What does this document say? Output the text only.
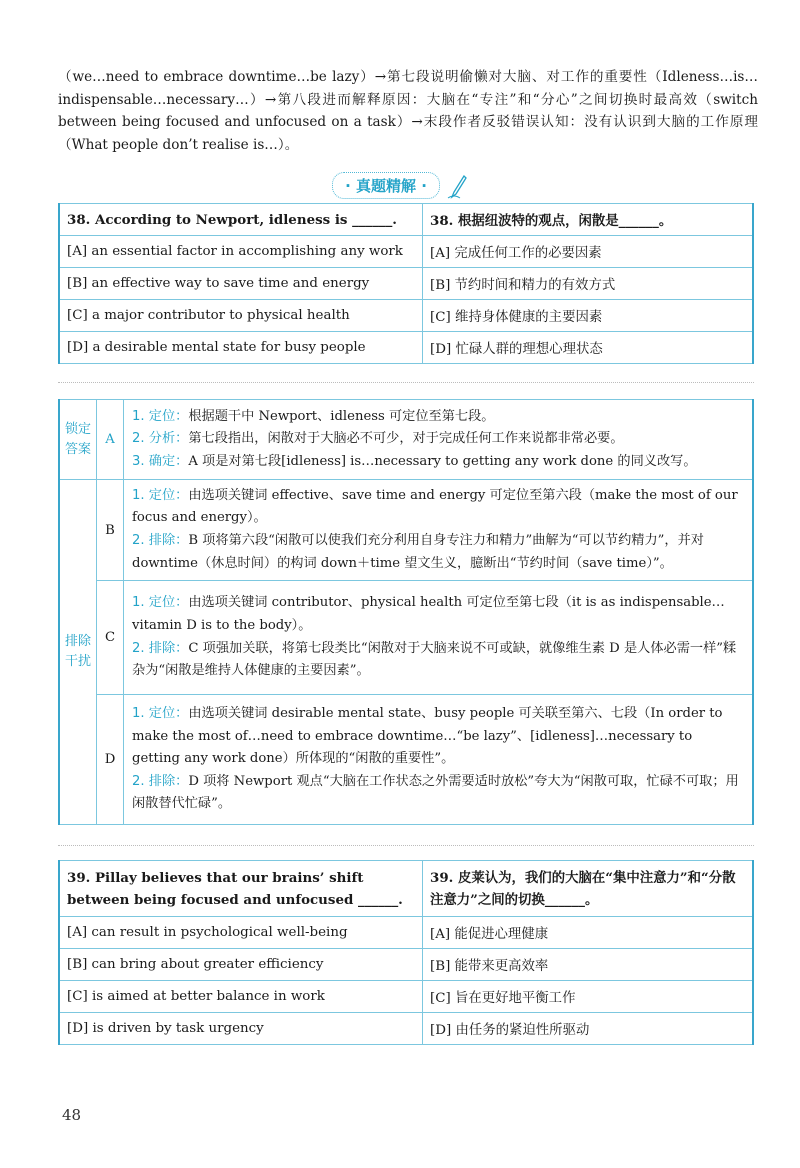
（we…need to embrace downtime…be lazy）→第七段说明偷懒对大脑、对工作的重要性（Idleness…is…indispensable…necessary…）→第八段进而解释原因：大脑在“专注”和“分心”之间切换时最高效（switch between being focused and unfocused on a task）→末段作者反驳错误认知：没有认识到大脑的工作原理（What people don’t realise is…）。
· 真题精解 ·
38. According to Newport, idleness is ______.	38. 根据纽波特的观点，闲散是______。
[A] an essential factor in accomplishing any work	[A] 完成任何工作的必要因素
[B] an effective way to save time and energy	[B] 节约时间和精力的有效方式
[C] a major contributor to physical health	[C] 维持身体健康的主要因素
[D] a desirable mental state for busy people	[D] 忙碌人群的理想心理状态
锁定答案	A	1. 定位：根据题干中 Newport、idleness 可定位至第七段。
2. 分析：第七段指出，闲散对于大脑必不可少，对于完成任何工作来说都非常必要。
3. 确定：A 项是对第七段[idleness] is…necessary to getting any work done 的同义改写。

排除干扰	B	1. 定位：由选项关键词 effective、save time and energy 可定位至第六段（make the most of our focus and energy）。
2. 排除：B 项将第六段“闲散可以使我们充分利用自身专注力和精力”曲解为“可以节约精力”，并对 downtime（休息时间）的构词 down＋time 望文生义，臆断出“节约时间（save time）”。

	C	1. 定位：由选项关键词 contributor、physical health 可定位至第七段（it is as indispensable… vitamin D is to the body）。
2. 排除：C 项强加关联，将第七段类比“闲散对于大脑来说不可或缺，就像维生素 D 是人体必需一样”糅杂为“闲散是维持人体健康的主要因素”。

	D	1. 定位：由选项关键词 desirable mental state、busy people 可关联至第六、七段（In order to make the most of…need to embrace downtime…“be lazy”、[idleness]…necessary to getting any work done）所体现的“闲散的重要性”。
2. 排除：D 项将 Newport 观点“大脑在工作状态之外需要适时放松”夸大为“闲散可取，忙碌不可取；用闲散替代忙碌”。
39. Pillay believes that our brains’ shift between being focused and unfocused ______.	39. 皮莱认为，我们的大脑在“集中注意力”和“分散注意力”之间的切换______。
[A] can result in psychological well-being	[A] 能促进心理健康
[B] can bring about greater efficiency	[B] 能带来更高效率
[C] is aimed at better balance in work	[C] 旨在更好地平衡工作
[D] is driven by task urgency	[D] 由任务的紧迫性所驱动
48
